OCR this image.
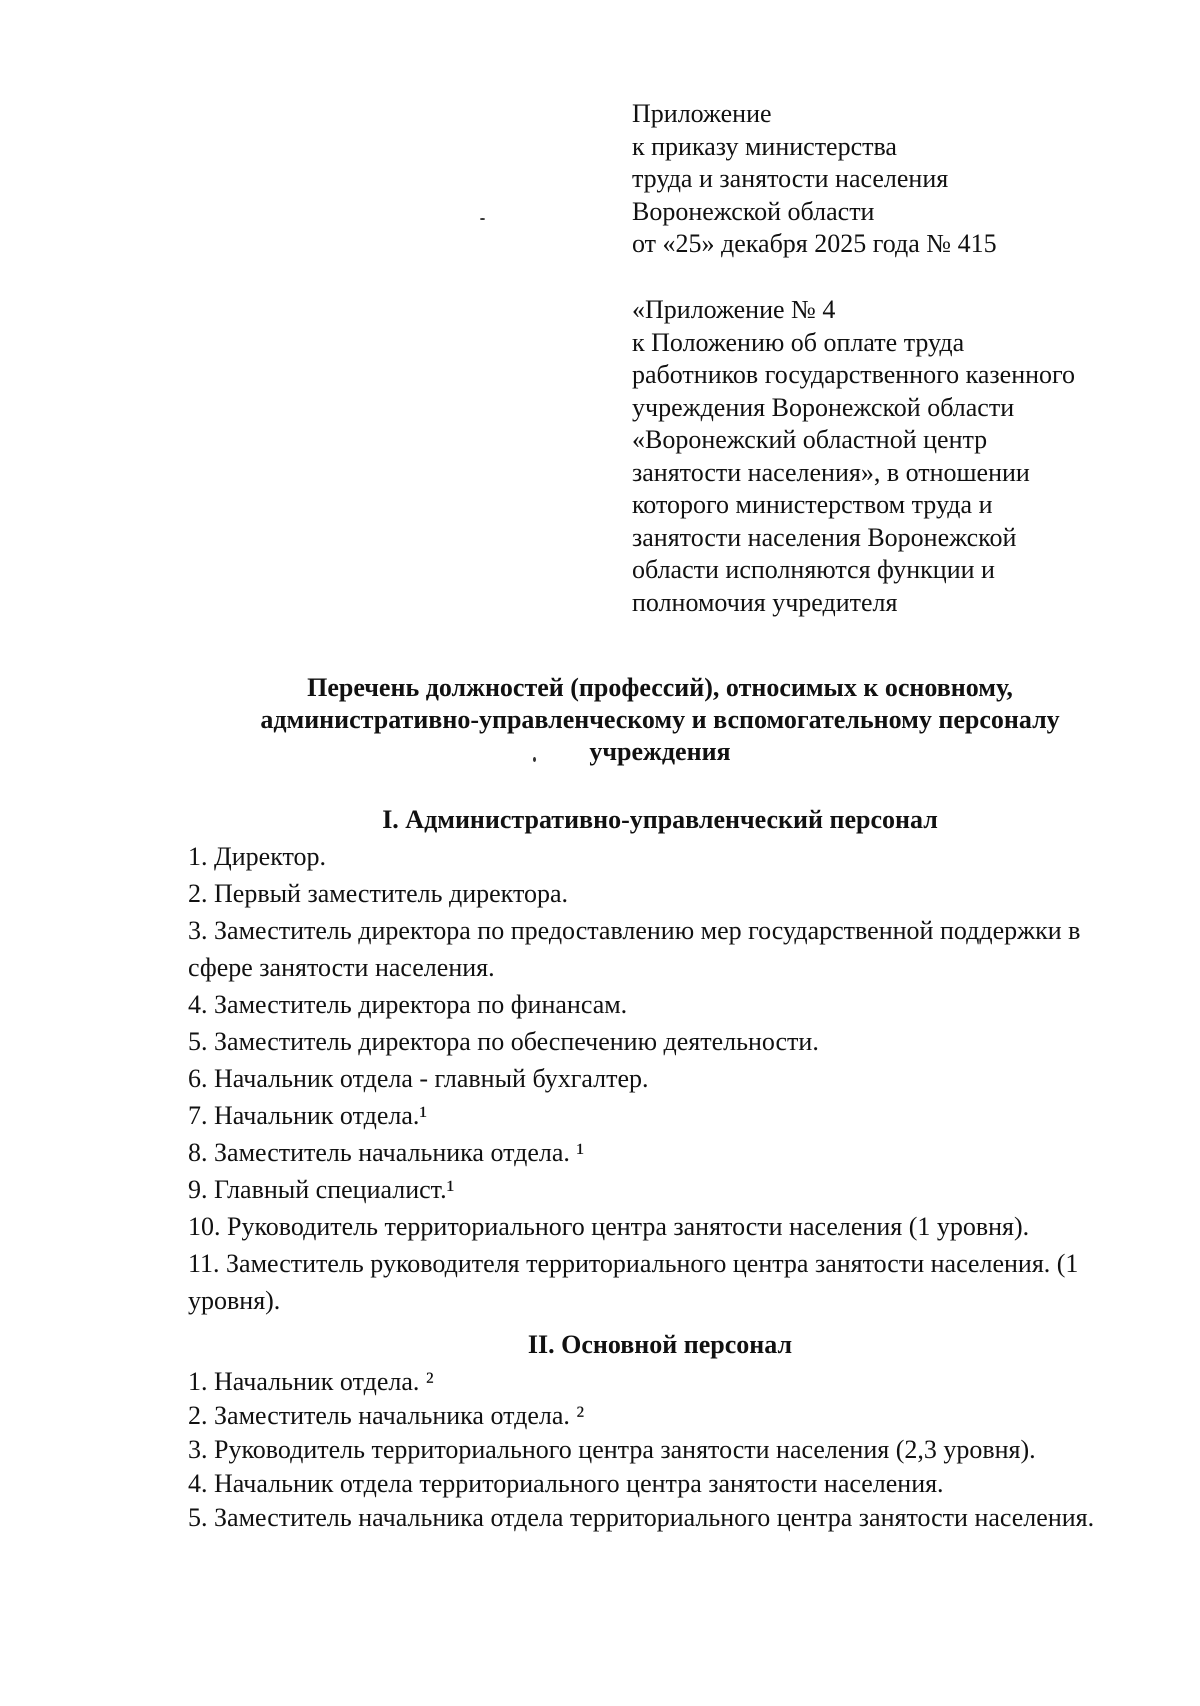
Приложение
к приказу министерства
труда и занятости населения
Воронежской области
от «25» декабря 2025 года № 415
«Приложение № 4
к Положению об оплате труда
работников государственного казенного
учреждения Воронежской области
«Воронежский областной центр
занятости населения», в отношении
которого министерством труда и
занятости населения Воронежской
области исполняются функции и
полномочия учредителя
Перечень должностей (профессий), относимых к основному,
административно-управленческому и вспомогательному персоналу
учреждения
I. Административно-управленческий персонал
1. Директор.
2. Первый заместитель директора.
3. Заместитель директора по предоставлению мер государственной поддержки в сфере занятости населения.
4. Заместитель директора по финансам.
5. Заместитель директора по обеспечению деятельности.
6. Начальник отдела - главный бухгалтер.
7. Начальник отдела.¹
8. Заместитель начальника отдела. ¹
9. Главный специалист.¹
10. Руководитель территориального центра занятости населения (1 уровня).
11. Заместитель руководителя территориального центра занятости населения. (1 уровня).
II. Основной персонал
1. Начальник отдела. ²
2. Заместитель начальника отдела. ²
3. Руководитель территориального центра занятости населения (2,3 уровня).
4. Начальник отдела территориального центра занятости населения.
5. Заместитель начальника отдела территориального центра занятости населения.
